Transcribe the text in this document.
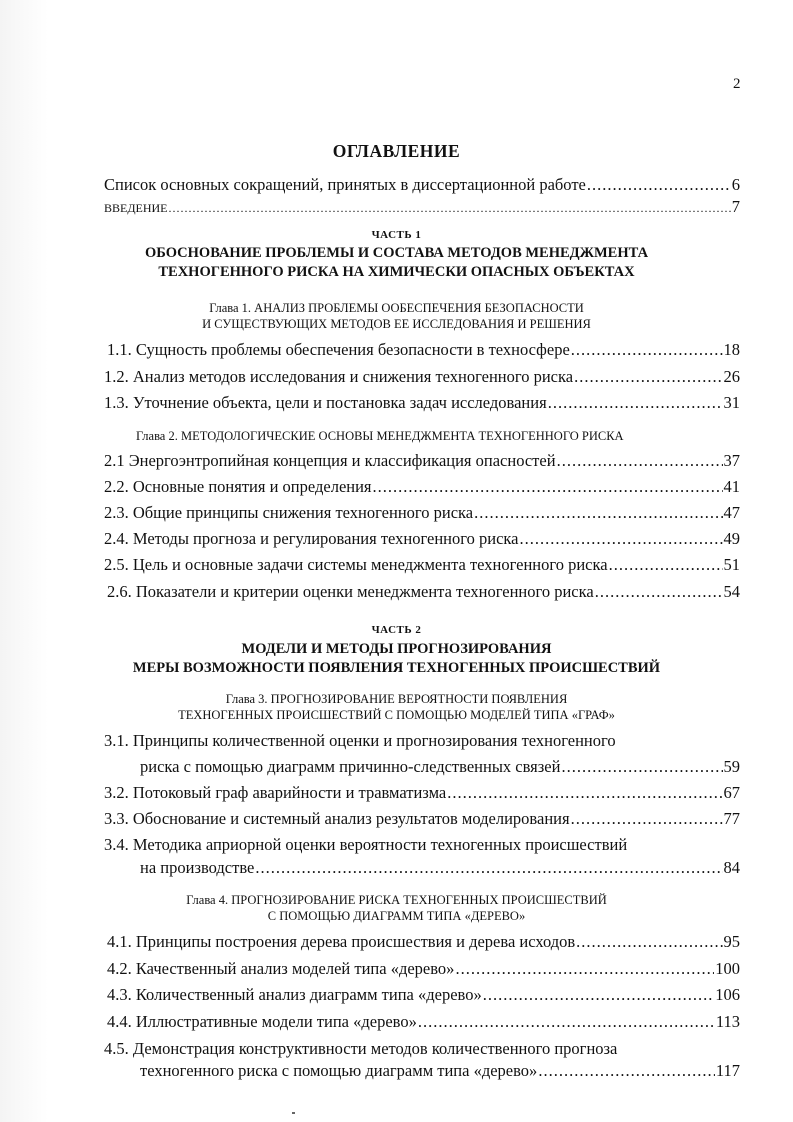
2
ОГЛАВЛЕНИЕ
Список основных сокращений, принятых в диссертационной работе .....	6
ВВЕДЕНИЕ .....	7
ЧАСТЬ 1
ОБОСНОВАНИЕ ПРОБЛЕМЫ И СОСТАВА МЕТОДОВ МЕНЕДЖМЕНТА
ТЕХНОГЕННОГО РИСКА НА ХИМИЧЕСКИ ОПАСНЫХ ОБЪЕКТАХ
Глава 1. АНАЛИЗ ПРОБЛЕМЫ ООБЕСПЕЧЕНИЯ БЕЗОПАСНОСТИ
И СУЩЕСТВУЮЩИХ МЕТОДОВ ЕЕ ИССЛЕДОВАНИЯ И РЕШЕНИЯ
1.1. Сущность проблемы обеспечения безопасности в техносфере .....	18
1.2. Анализ методов исследования и снижения техногенного риска .....	26
1.3. Уточнение объекта, цели и постановка задач исследования .....	31
Глава 2. МЕТОДОЛОГИЧЕСКИЕ ОСНОВЫ МЕНЕДЖМЕНТА ТЕХНОГЕННОГО РИСКА
2.1 Энергоэнтропийная концепция и классификация опасностей .....	37
2.2. Основные понятия и определения .....	41
2.3. Общие принципы снижения техногенного риска .....	47
2.4. Методы прогноза и регулирования техногенного риска .....	49
2.5. Цель и основные задачи системы менеджмента техногенного риска .....	51
2.6. Показатели и критерии оценки менеджмента техногенного риска .....	54
ЧАСТЬ 2
МОДЕЛИ И МЕТОДЫ ПРОГНОЗИРОВАНИЯ
МЕРЫ ВОЗМОЖНОСТИ ПОЯВЛЕНИЯ ТЕХНОГЕННЫХ ПРОИСШЕСТВИЙ
Глава 3. ПРОГНОЗИРОВАНИЕ ВЕРОЯТНОСТИ ПОЯВЛЕНИЯ
ТЕХНОГЕННЫХ ПРОИСШЕСТВИЙ С ПОМОЩЬЮ МОДЕЛЕЙ ТИПА «ГРАФ»
3.1. Принципы количественной оценки и прогнозирования техногенного
риска с помощью диаграмм причинно-следственных связей .....	59
3.2. Потоковый граф аварийности и травматизма .....	67
3.3. Обоснование и системный анализ результатов моделирования .....	77
3.4. Методика априорной оценки вероятности техногенных происшествий
на производстве .....	84
Глава 4. ПРОГНОЗИРОВАНИЕ РИСКА ТЕХНОГЕННЫХ ПРОИСШЕСТВИЙ
С ПОМОЩЬЮ ДИАГРАММ ТИПА «ДЕРЕВО»
4.1. Принципы построения дерева происшествия и дерева исходов .....	95
4.2. Качественный анализ моделей типа «дерево» .....	100
4.3. Количественный анализ диаграмм типа «дерево» .....	106
4.4. Иллюстративные модели типа «дерево» .....	113
4.5. Демонстрация конструктивности методов количественного прогноза
техногенного риска с помощью диаграмм типа «дерево» .....	117
